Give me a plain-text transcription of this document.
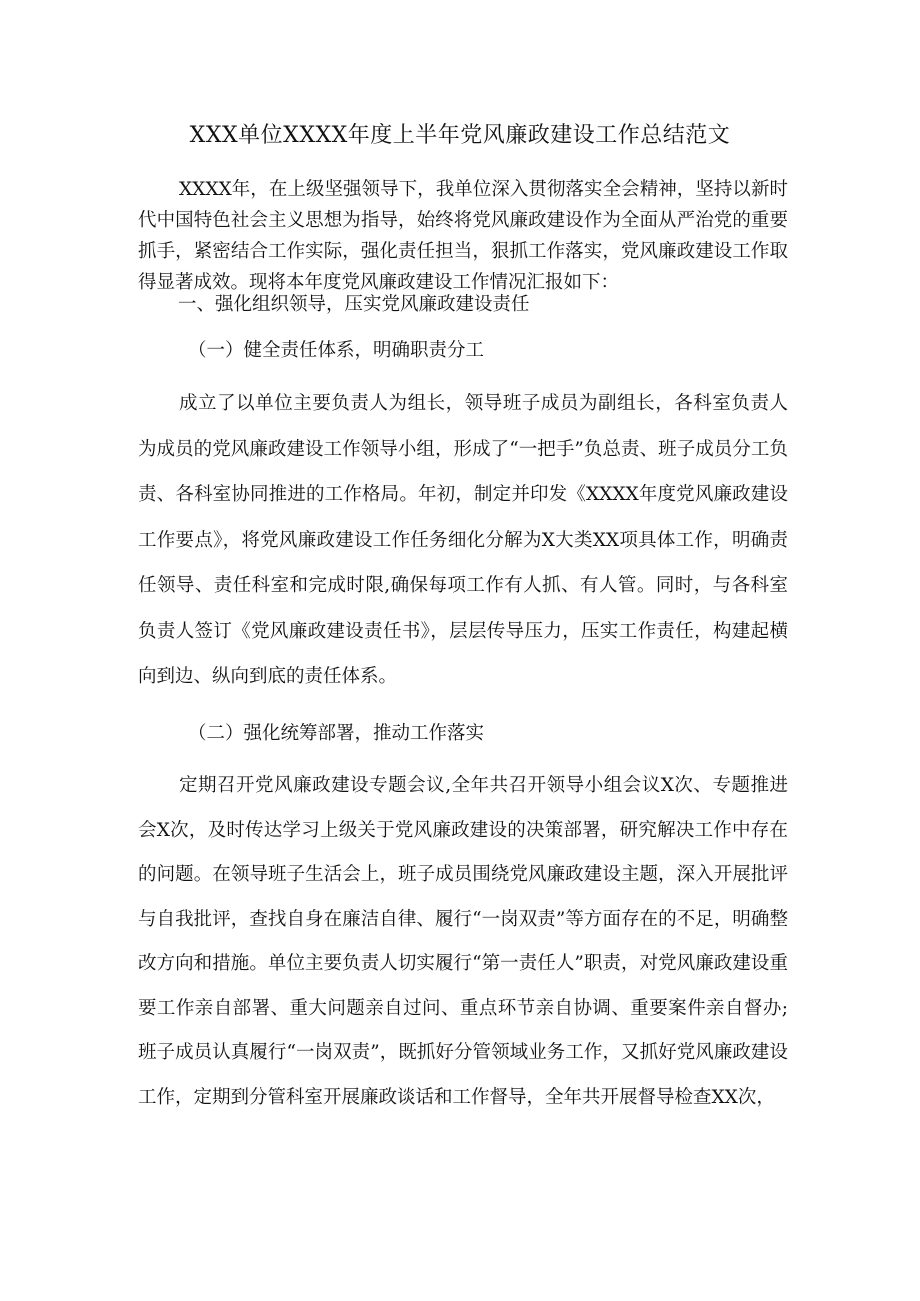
XXX单位XXXX年度上半年党风廉政建设工作总结范文

XXXX年，在上级坚强领导下，我单位深入贯彻落实全会精神，坚持以新时代中国特色社会主义思想为指导，始终将党风廉政建设作为全面从严治党的重要抓手，紧密结合工作实际，强化责任担当，狠抓工作落实，党风廉政建设工作取得显著成效。现将本年度党风廉政建设工作情况汇报如下：

一、强化组织领导，压实党风廉政建设责任

（一）健全责任体系，明确职责分工

成立了以单位主要负责人为组长，领导班子成员为副组长，各科室负责人为成员的党风廉政建设工作领导小组，形成了“一把手”负总责、班子成员分工负责、各科室协同推进的工作格局。年初，制定并印发《XXXX年度党风廉政建设工作要点》，将党风廉政建设工作任务细化分解为X大类XX项具体工作，明确责任领导、责任科室和完成时限,确保每项工作有人抓、有人管。同时，与各科室负责人签订《党风廉政建设责任书》，层层传导压力，压实工作责任，构建起横向到边、纵向到底的责任体系。

（二）强化统筹部署，推动工作落实

定期召开党风廉政建设专题会议,全年共召开领导小组会议X次、专题推进会X次，及时传达学习上级关于党风廉政建设的决策部署，研究解决工作中存在的问题。在领导班子生活会上，班子成员围绕党风廉政建设主题，深入开展批评与自我批评，查找自身在廉洁自律、履行“一岗双责”等方面存在的不足，明确整改方向和措施。单位主要负责人切实履行“第一责任人”职责，对党风廉政建设重要工作亲自部署、重大问题亲自过问、重点环节亲自协调、重要案件亲自督办;班子成员认真履行“一岗双责”，既抓好分管领域业务工作，又抓好党风廉政建设工作，定期到分管科室开展廉政谈话和工作督导，全年共开展督导检查XX次，
